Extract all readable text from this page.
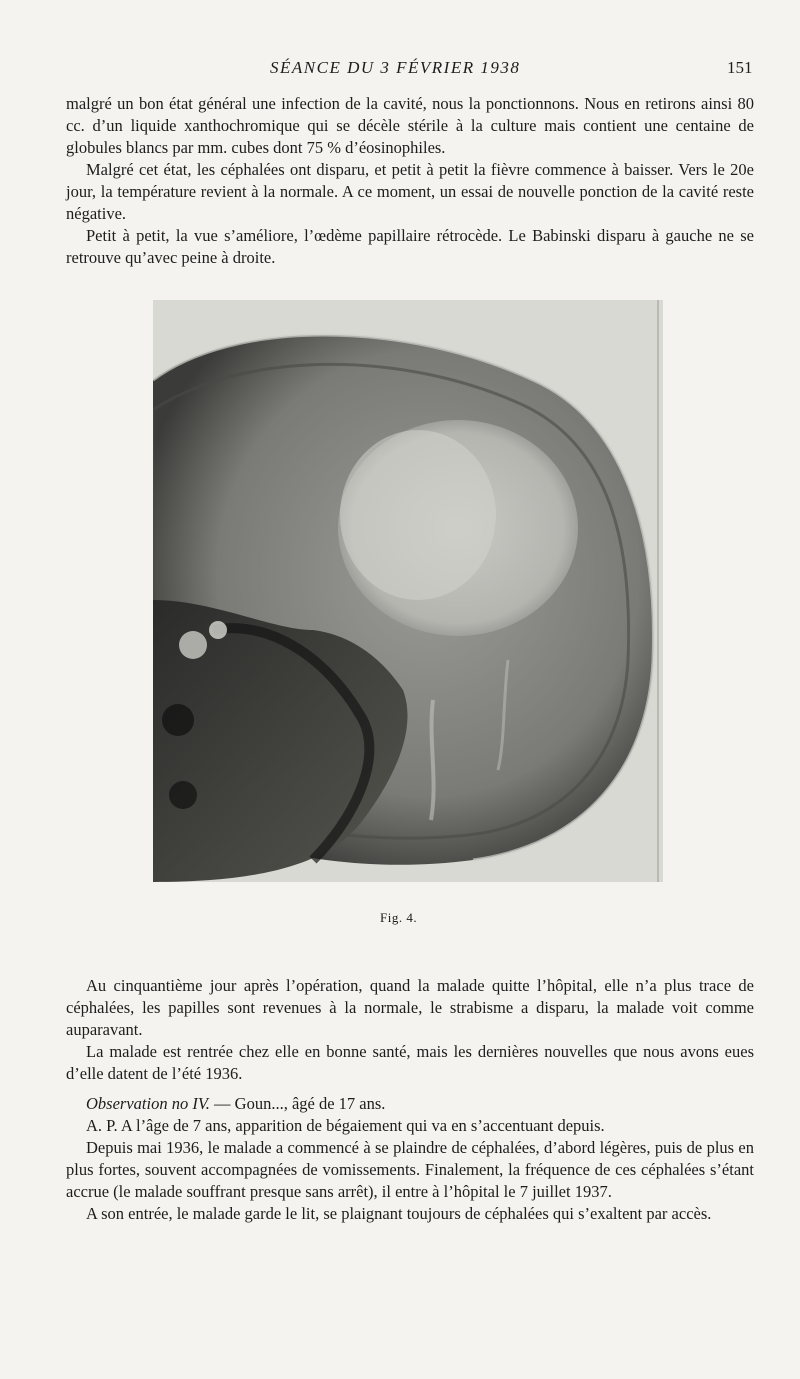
SÉANCE DU 3 FÉVRIER 1938	151

malgré un bon état général une infection de la cavité, nous la ponctionnons. Nous en retirons ainsi 80 cc. d’un liquide xanthochromique qui se décèle stérile à la culture mais contient une centaine de globules blancs par mm. cubes dont 75 % d’éosinophiles.

Malgré cet état, les céphalées ont disparu, et petit à petit la fièvre commence à baisser. Vers le 20e jour, la température revient à la normale. A ce moment, un essai de nouvelle ponction de la cavité reste négative.

Petit à petit, la vue s’améliore, l’œdème papillaire rétrocède. Le Babinski disparu à gauche ne se retrouve qu’avec peine à droite.

Fig. 4.

Au cinquantième jour après l’opération, quand la malade quitte l’hôpital, elle n’a plus trace de céphalées, les papilles sont revenues à la normale, le strabisme a disparu, la malade voit comme auparavant.

La malade est rentrée chez elle en bonne santé, mais les dernières nouvelles que nous avons eues d’elle datent de l’été 1936.

Observation no IV. — Goun..., âgé de 17 ans.

A. P. A l’âge de 7 ans, apparition de bégaiement qui va en s’accentuant depuis.

Depuis mai 1936, le malade a commencé à se plaindre de céphalées, d’abord légères, puis de plus en plus fortes, souvent accompagnées de vomissements. Finalement, la fréquence de ces céphalées s’étant accrue (le malade souffrant presque sans arrêt), il entre à l’hôpital le 7 juillet 1937.

A son entrée, le malade garde le lit, se plaignant toujours de céphalées qui s’exaltent par accès.
